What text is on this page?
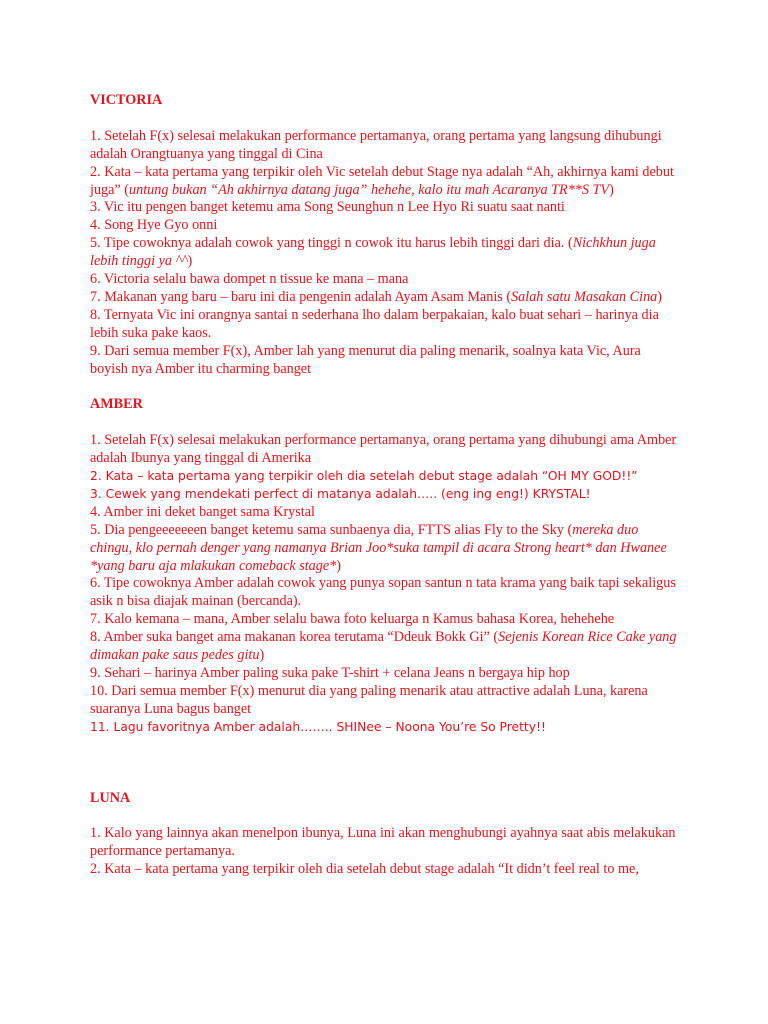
VICTORIA

1. Setelah F(x) selesai melakukan performance pertamanya, orang pertama yang langsung dihubungi adalah Orangtuanya yang tinggal di Cina

2. Kata – kata pertama yang terpikir oleh Vic setelah debut Stage nya adalah “Ah, akhirnya kami debut juga” (untung bukan “Ah akhirnya datang juga” hehehe, kalo itu mah Acaranya TR**S TV)

3. Vic itu pengen banget ketemu ama Song Seunghun n Lee Hyo Ri suatu saat nanti

4. Song Hye Gyo onni

5. Tipe cowoknya adalah cowok yang tinggi n cowok itu harus lebih tinggi dari dia. (Nichkhun juga lebih tinggi ya ^^)

6. Victoria selalu bawa dompet n tissue ke mana – mana

7. Makanan yang baru – baru ini dia pengenin adalah Ayam Asam Manis (Salah satu Masakan Cina)

8. Ternyata Vic ini orangnya santai n sederhana lho dalam berpakaian, kalo buat sehari – harinya dia lebih suka pake kaos.

9. Dari semua member F(x), Amber lah yang menurut dia paling menarik, soalnya kata Vic, Aura boyish nya Amber itu charming banget

AMBER

1. Setelah F(x) selesai melakukan performance pertamanya, orang pertama yang dihubungi ama Amber adalah Ibunya yang tinggal di Amerika

2. Kata – kata pertama yang terpikir oleh dia setelah debut stage adalah “OH MY GOD!!”

3. Cewek yang mendekati perfect di matanya adalah….. (eng ing eng!) KRYSTAL!

4. Amber ini deket banget sama Krystal

5. Dia pengeeeeeeen banget ketemu sama sunbaenya dia, FTTS alias Fly to the Sky (mereka duo chingu, klo pernah denger yang namanya Brian Joo*suka tampil di acara Strong heart* dan Hwanee *yang baru aja mlakukan comeback stage*)

6. Tipe cowoknya Amber adalah cowok yang punya sopan santun n tata krama yang baik tapi sekaligus asik n bisa diajak mainan (bercanda).

7. Kalo kemana – mana, Amber selalu bawa foto keluarga n Kamus bahasa Korea, hehehehe

8. Amber suka banget ama makanan korea terutama “Ddeuk Bokk Gi” (Sejenis Korean Rice Cake yang dimakan pake saus pedes gitu)

9. Sehari – harinya Amber paling suka pake T-shirt + celana Jeans n bergaya hip hop

10. Dari semua member F(x) menurut dia yang paling menarik atau attractive adalah Luna, karena suaranya Luna bagus banget

11. Lagu favoritnya Amber adalah…….. SHINee – Noona You’re So Pretty!!

LUNA

1. Kalo yang lainnya akan menelpon ibunya, Luna ini akan menghubungi ayahnya saat abis melakukan performance pertamanya.

2. Kata – kata pertama yang terpikir oleh dia setelah debut stage adalah “It didn’t feel real to me,
